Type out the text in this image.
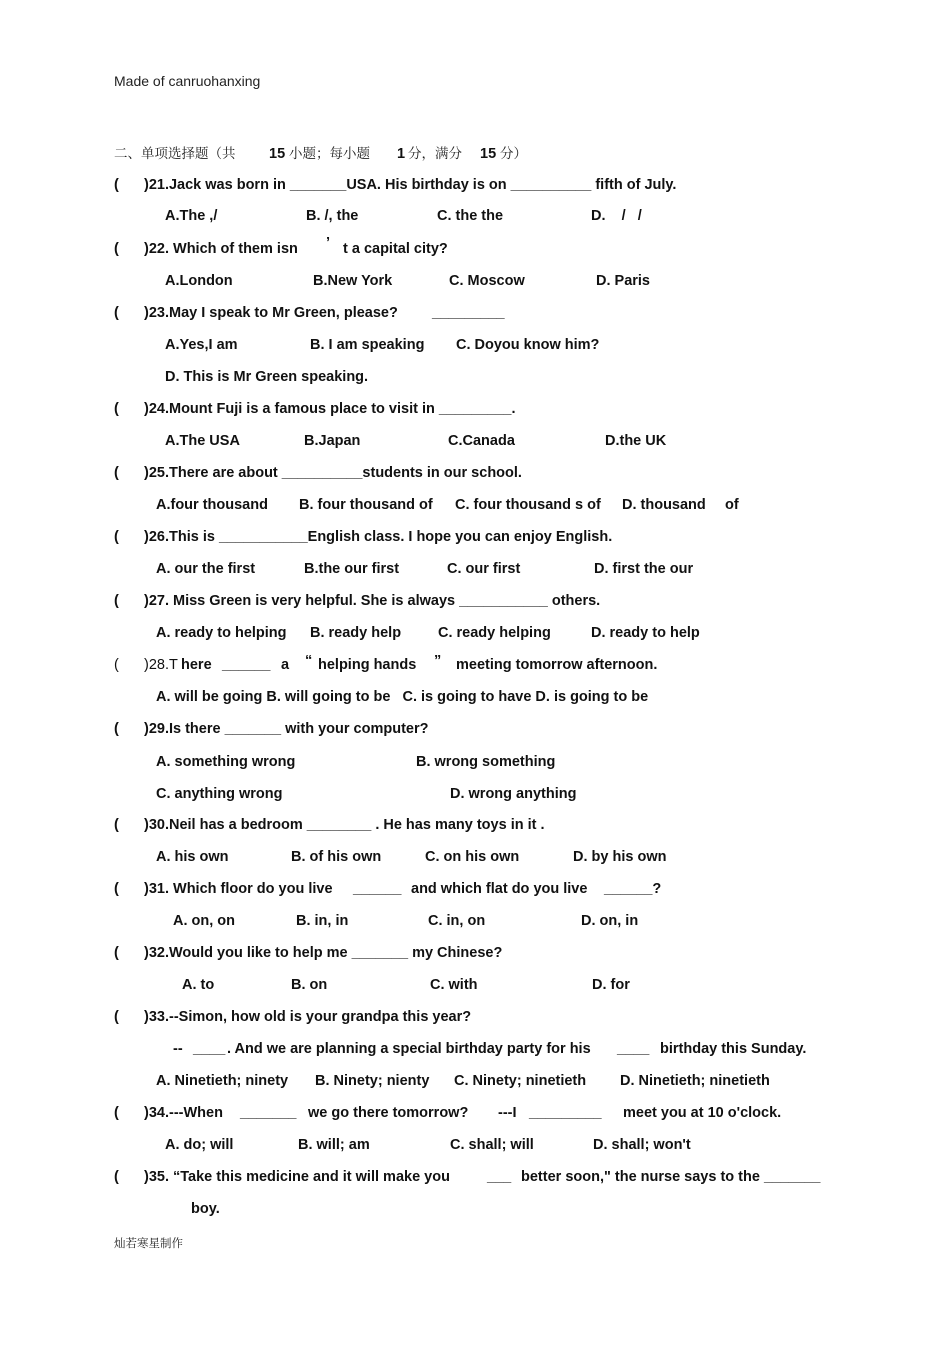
Made of canruohanxing
二、单项选择题（共 15 小题；每小题 1 分，满分 15 分）
( )21.Jack was born in _______USA. His birthday is on __________ fifth of July.
A.The ,/	B. /, the	C. the the	D.    /   /
( )22. Which of them isn ’ t a capital city?
A.London	B.New York	C. Moscow	D. Paris
( )23.May I speak to Mr Green, please? _________
A.Yes,I am	B. I am speaking C. Doyou know him?
D. This is Mr Green speaking.
( )24.Mount Fuji is a famous place to visit in _________.
A.The USA	B.Japan	C.Canada	D.the UK
( )25.There are about __________students in our school.
A.four thousand B. four thousand of C. four thousand s of D. thousand of
( )26.This is ___________English class. I hope you can enjoy English.
A. our the first	B.the our first	C. our first	D. first the our
( )27. Miss Green is very helpful. She is always ___________ others.
A. ready to helping B. ready help	C. ready helping	D. ready to help
( )28.T here ______ a “ helping hands ” meeting tomorrow afternoon.
A. will be going B. will going to be   C. is going to have D. is going to be
( )29.Is there _______ with your computer?
A. something wrong	B. wrong something
C. anything wrong	D. wrong anything
( )30.Neil has a bedroom ________ . He has many toys in it .
A. his own	B. of his own	C. on his own	D. by his own
( )31. Which floor do you live ______ and which flat do you live ______?
A. on, on	B. in, in	C. in, on	D. on, in
( )32.Would you like to help me _______ my Chinese?
A. to	B. on	C. with	D. for
( )33.--Simon, how old is your grandpa this year?
-- ____ . And we are planning a special birthday party for his ____ birthday this Sunday.
A. Ninetieth; ninety B. Ninety; nienty C. Ninety; ninetieth D. Ninetieth; ninetieth
( )34.---When _______ we go there tomorrow? ---I _________ meet you at 10 o'clock.
A. do; will	B. will; am	C. shall; will	D. shall; won't
( )35. “Take this medicine and it will make you	___ better soon," the nurse says to the _______
boy.
灿若寒星制作
